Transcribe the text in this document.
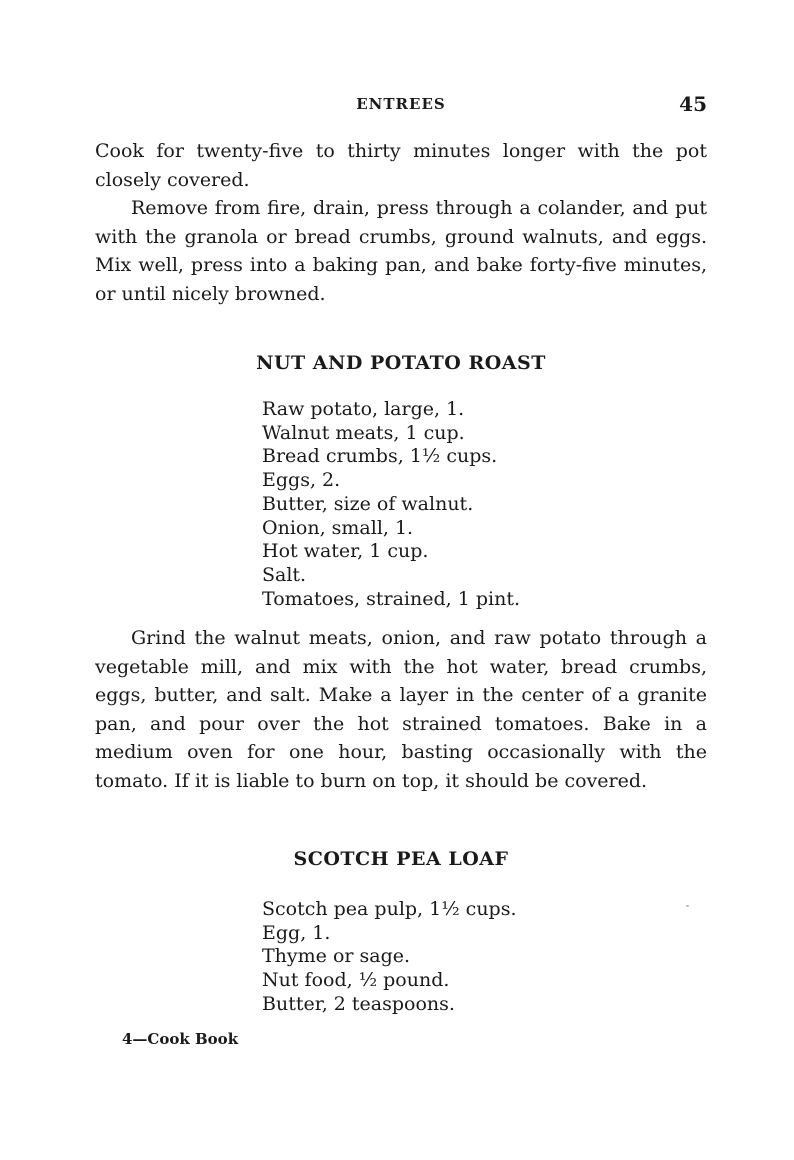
ENTREES	45

Cook for twenty-five to thirty minutes longer with the pot closely covered.

Remove from fire, drain, press through a colander, and put with the granola or bread crumbs, ground walnuts, and eggs. Mix well, press into a baking pan, and bake forty-five minutes, or until nicely browned.

NUT AND POTATO ROAST
Raw potato, large, 1.
Walnut meats, 1 cup.
Bread crumbs, 1½ cups.
Eggs, 2.
Butter, size of walnut.
Onion, small, 1.
Hot water, 1 cup.
Salt.
Tomatoes, strained, 1 pint.

Grind the walnut meats, onion, and raw potato through a vegetable mill, and mix with the hot water, bread crumbs, eggs, butter, and salt. Make a layer in the center of a granite pan, and pour over the hot strained tomatoes. Bake in a medium oven for one hour, basting occasionally with the tomato. If it is liable to burn on top, it should be covered.

SCOTCH PEA LOAF
Scotch pea pulp, 1½ cups.
Egg, 1.
Thyme or sage.
Nut food, ½ pound.
Butter, 2 teaspoons.
4—Cook Book
